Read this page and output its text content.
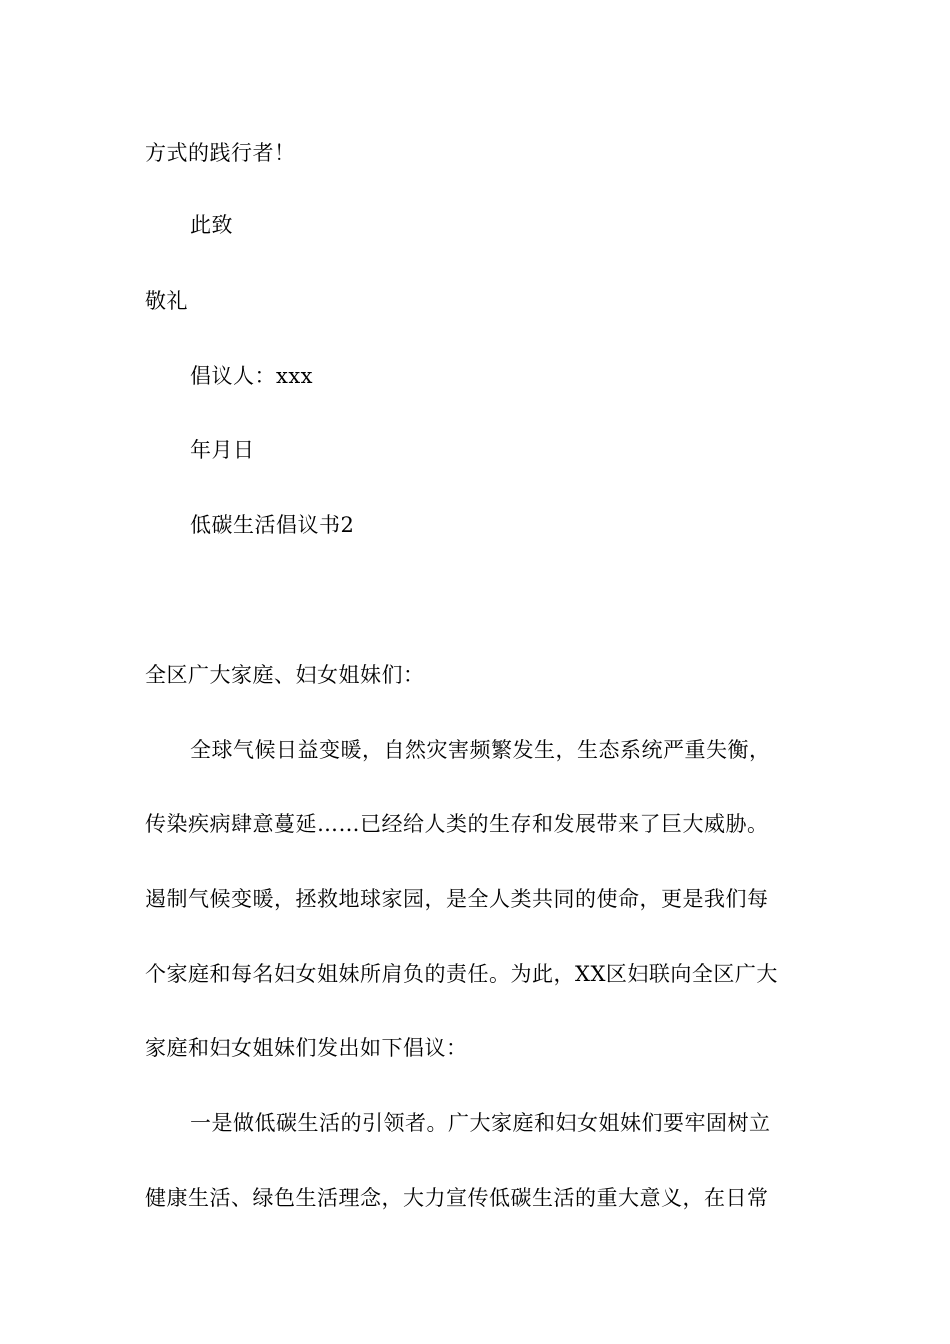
方式的践行者！
此致
敬礼
倡议人：xxx
年月日
低碳生活倡议书2
全区广大家庭、妇女姐妹们：
全球气候日益变暖，自然灾害频繁发生，生态系统严重失衡，
传染疾病肆意蔓延……已经给人类的生存和发展带来了巨大威胁。
遏制气候变暖，拯救地球家园，是全人类共同的使命，更是我们每
个家庭和每名妇女姐妹所肩负的责任。为此，XX区妇联向全区广大
家庭和妇女姐妹们发出如下倡议：
一是做低碳生活的引领者。广大家庭和妇女姐妹们要牢固树立
健康生活、绿色生活理念，大力宣传低碳生活的重大意义，在日常
